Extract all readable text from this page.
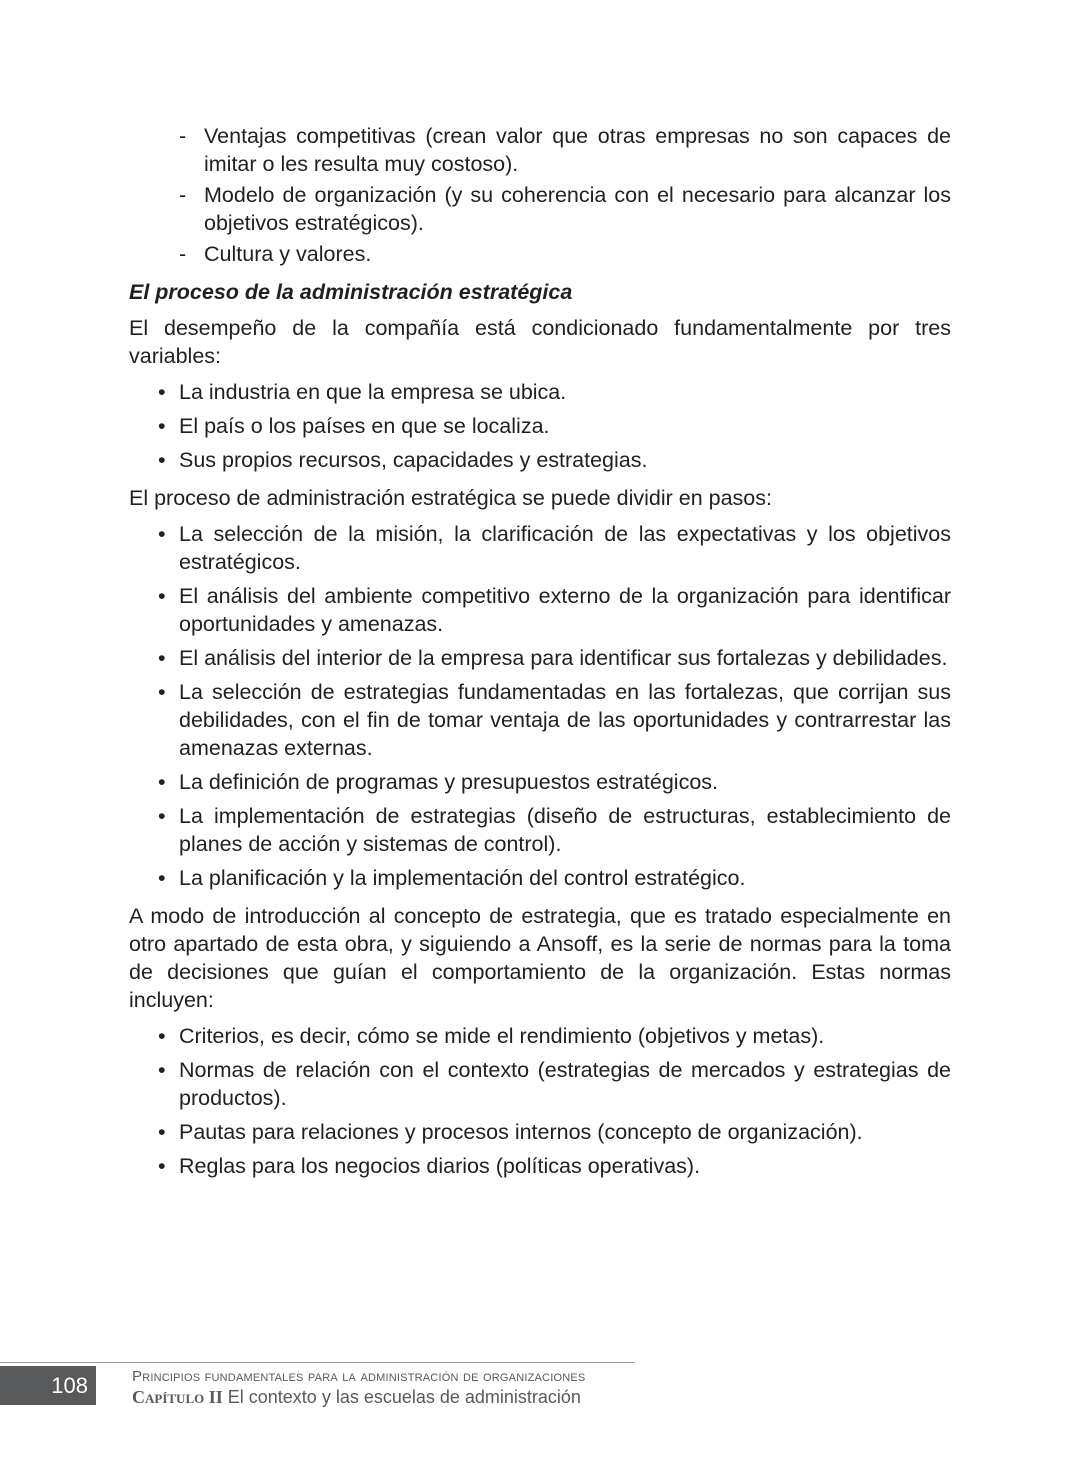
- Ventajas competitivas (crean valor que otras empresas no son capaces de imitar o les resulta muy costoso).
- Modelo de organización (y su coherencia con el necesario para alcanzar los objetivos estratégicos).
- Cultura y valores.
El proceso de la administración estratégica

El desempeño de la compañía está condicionado fundamentalmente por tres variables:

• La industria en que la empresa se ubica.
• El país o los países en que se localiza.
• Sus propios recursos, capacidades y estrategias.

El proceso de administración estratégica se puede dividir en pasos:

• La selección de la misión, la clarificación de las expectativas y los objetivos estratégicos.
• El análisis del ambiente competitivo externo de la organización para identificar oportunidades y amenazas.
• El análisis del interior de la empresa para identificar sus fortalezas y debilidades.
• La selección de estrategias fundamentadas en las fortalezas, que corrijan sus debilidades, con el fin de tomar ventaja de las oportunidades y contrarrestar las amenazas externas.
• La definición de programas y presupuestos estratégicos.
• La implementación de estrategias (diseño de estructuras, establecimiento de planes de acción y sistemas de control).
• La planificación y la implementación del control estratégico.

A modo de introducción al concepto de estrategia, que es tratado especialmente en otro apartado de esta obra, y siguiendo a Ansoff, es la serie de normas para la toma de decisiones que guían el comportamiento de la organización. Estas normas incluyen:

• Criterios, es decir, cómo se mide el rendimiento (objetivos y metas).
• Normas de relación con el contexto (estrategias de mercados y estrategias de productos).
• Pautas para relaciones y procesos internos (concepto de organización).
• Reglas para los negocios diarios (políticas operativas).
108	Principios fundamentales para la administración de organizaciones
Capítulo II El contexto y las escuelas de administración
